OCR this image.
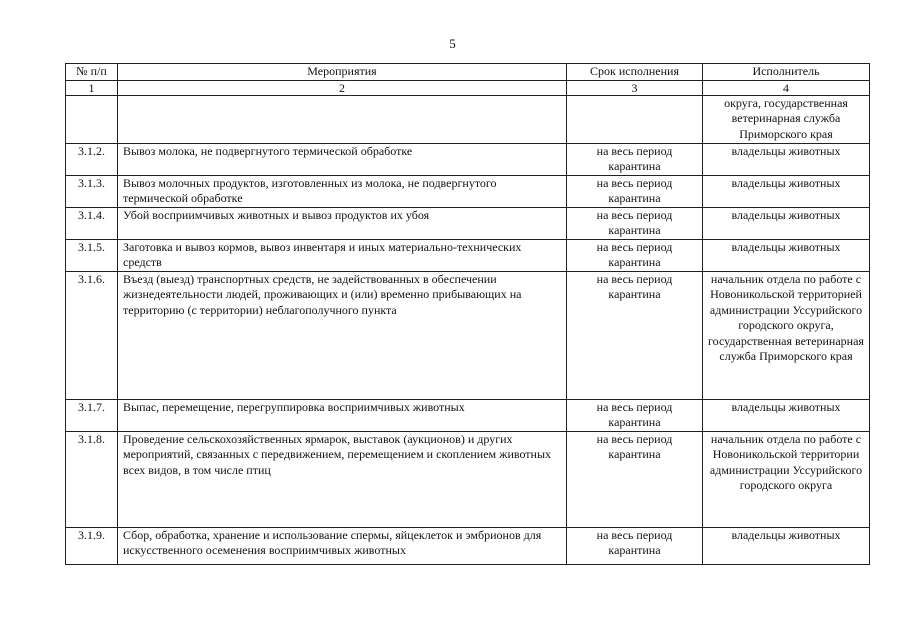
5
№ п/п	Мероприятия	Срок исполнения	Исполнитель
1	2	3	4
			округа, государственная ветеринарная служба Приморского края
3.1.2.	Вывоз молока, не подвергнутого термической обработке	на весь период карантина	владельцы животных
3.1.3.	Вывоз молочных продуктов, изготовленных из молока, не подвергнутого термической обработке	на весь период карантина	владельцы животных
3.1.4.	Убой восприимчивых животных и вывоз продуктов их убоя	на весь период карантина	владельцы животных
3.1.5.	Заготовка и вывоз кормов, вывоз инвентаря и иных материально-технических средств	на весь период карантина	владельцы животных
3.1.6.	Въезд (выезд) транспортных средств, не задействованных в обеспечении жизнедеятельности людей, проживающих и (или) временно прибывающих на территорию (с территории) неблагополучного пункта	на весь период карантина	начальник отдела по работе с Новоникольской территорией администрации Уссурийского городского округа, государственная ветеринарная служба Приморского края
3.1.7.	Выпас, перемещение, перегруппировка восприимчивых животных	на весь период карантина	владельцы животных
3.1.8.	Проведение сельскохозяйственных ярмарок, выставок (аукционов) и других мероприятий, связанных с передвижением, перемещением и скоплением животных всех видов, в том числе птиц	на весь период карантина	начальник отдела по работе с Новоникольской территории администрации Уссурийского городского округа
3.1.9.	Сбор, обработка, хранение и использование спермы, яйцеклеток и эмбрионов для искусственного осеменения восприимчивых животных	на весь период карантина	владельцы животных
